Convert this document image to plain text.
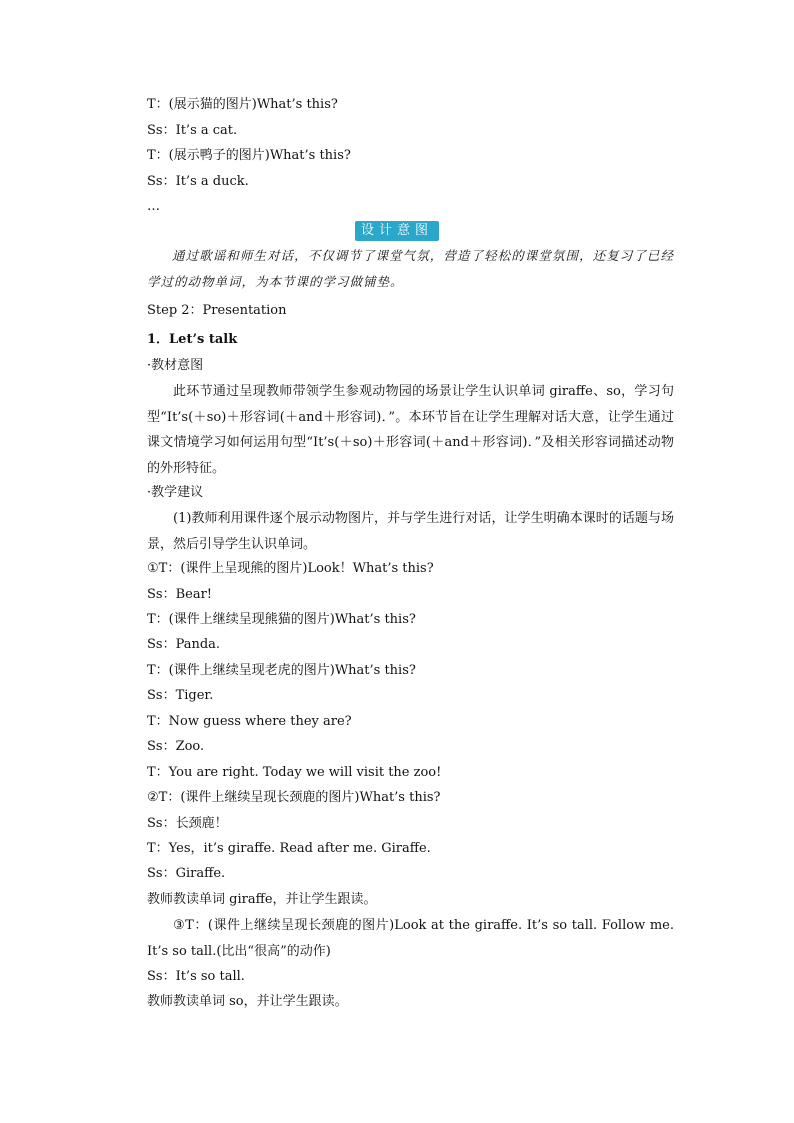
T：(展示猫的图片)What’s this?
Ss：It’s a cat.
T：(展示鸭子的图片)What’s this?
Ss：It’s a duck.
…
设计意图
通过歌谣和师生对话，不仅调节了课堂气氛，营造了轻松的课堂氛围，还复习了已经学过的动物单词，为本节课的学习做铺垫。
Step 2：Presentation
1．Let’s talk
·教材意图
此环节通过呈现教师带领学生参观动物园的场景让学生认识单词 giraffe、so，学习句型“It’s(＋so)＋形容词(＋and＋形容词)．”。本环节旨在让学生理解对话大意，让学生通过课文情境学习如何运用句型“It’s(＋so)＋形容词(＋and＋形容词)．”及相关形容词描述动物的外形特征。
·教学建议
(1)教师利用课件逐个展示动物图片，并与学生进行对话，让学生明确本课时的话题与场景，然后引导学生认识单词。
①T：(课件上呈现熊的图片)Look！What’s this?
Ss：Bear!
T：(课件上继续呈现熊猫的图片)What’s this?
Ss：Panda.
T：(课件上继续呈现老虎的图片)What’s this?
Ss：Tiger.
T：Now guess where they are?
Ss：Zoo.
T：You are right. Today we will visit the zoo!
②T：(课件上继续呈现长颈鹿的图片)What’s this?
Ss：长颈鹿！
T：Yes，it’s giraffe. Read after me. Giraffe.
Ss：Giraffe.
教师教读单词 giraffe，并让学生跟读。
③T：(课件上继续呈现长颈鹿的图片)Look at the giraffe. It’s so tall. Follow me. It’s so tall.(比出“很高”的动作)
Ss：It’s so tall.
教师教读单词 so，并让学生跟读。
